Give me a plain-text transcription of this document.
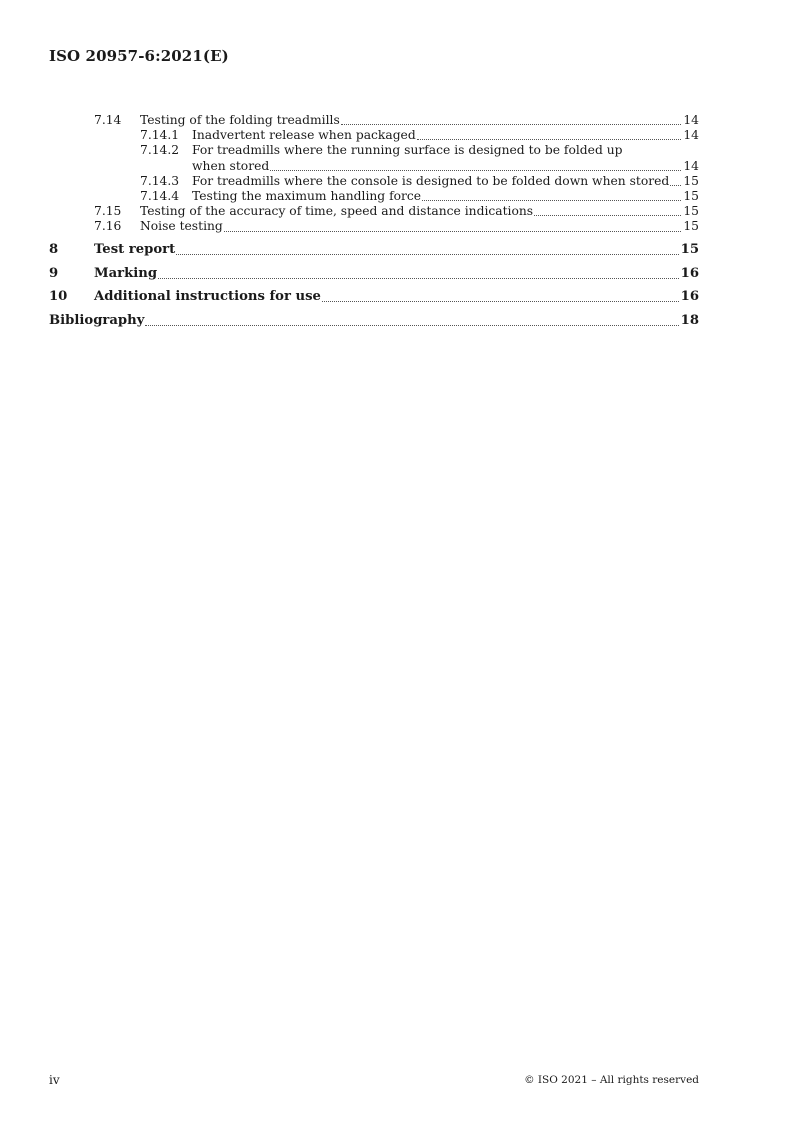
ISO 20957-6:2021(E)
7.14	Testing of the folding treadmills	14
7.14.1	Inadvertent release when packaged	14
7.14.2	For treadmills where the running surface is designed to be folded up
when stored	14
7.14.3	For treadmills where the console is designed to be folded down when stored 15
7.14.4	Testing the maximum handling force	15
7.15	Testing of the accuracy of time, speed and distance indications	15
7.16	Noise testing	15
8	Test report	15
9	Marking	16
10	Additional instructions for use	16
Bibliography	18
iv	© ISO 2021 – All rights reserved
